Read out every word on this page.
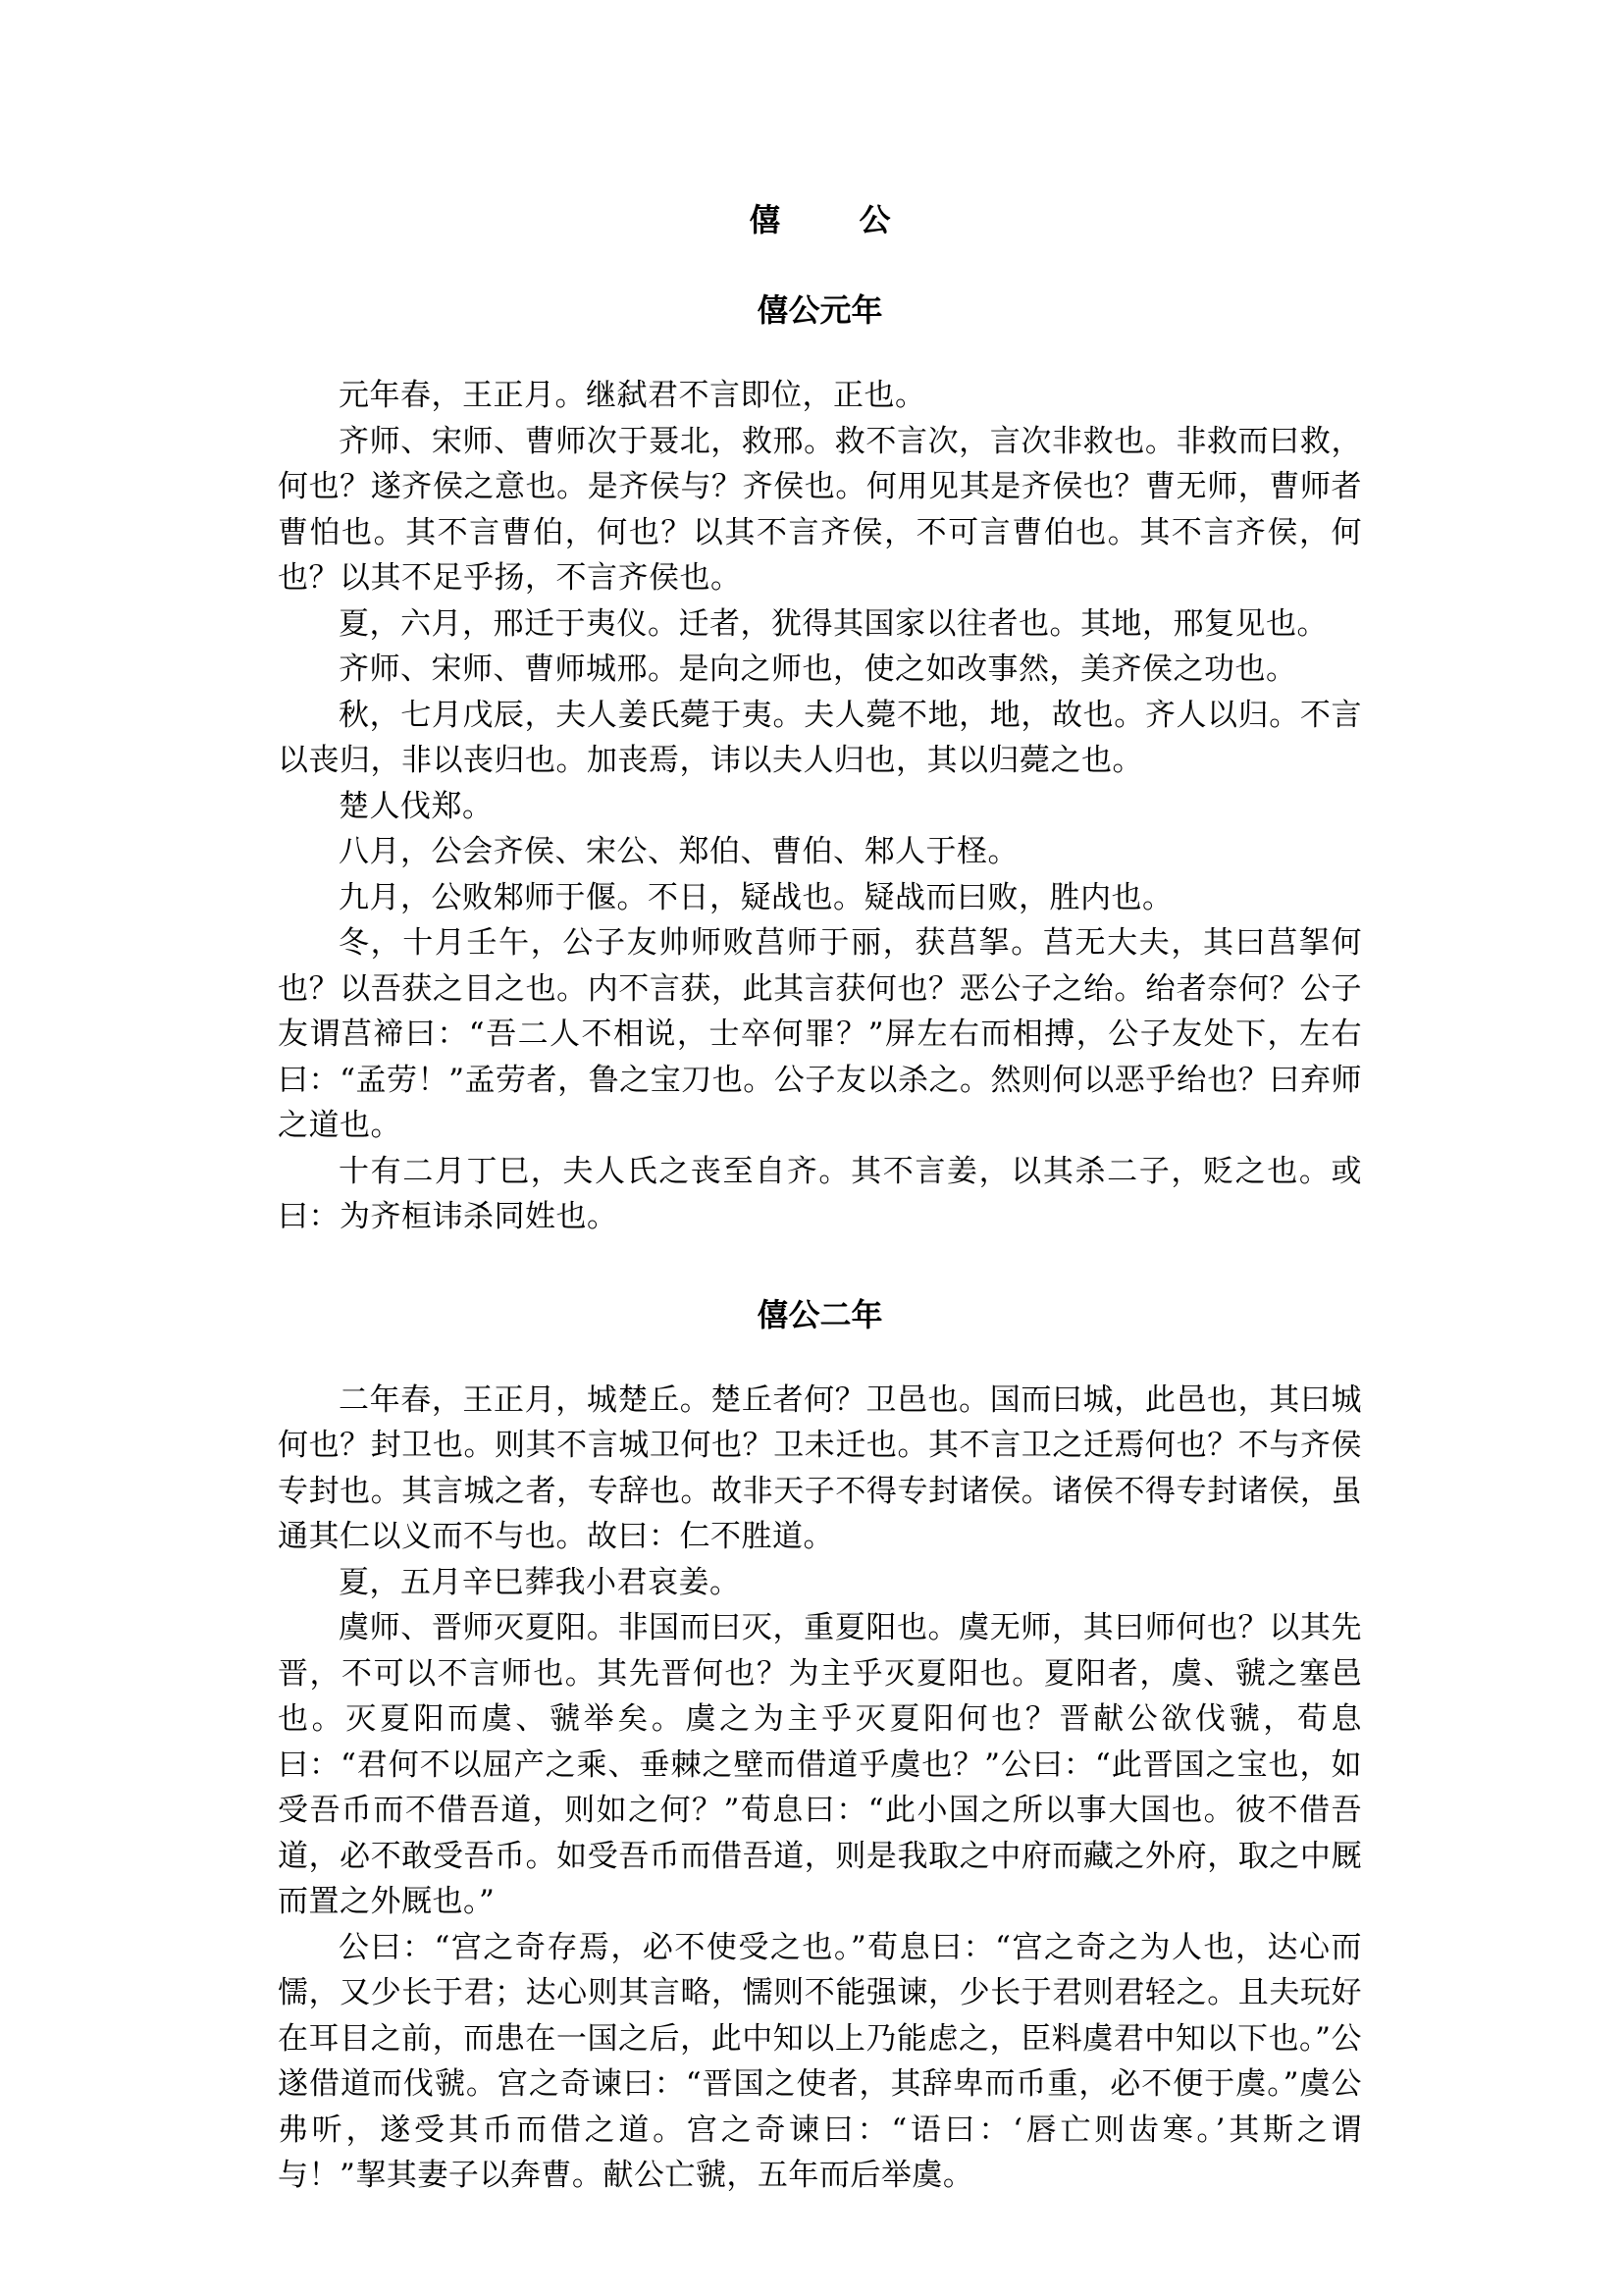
僖　公
僖公元年

元年春，王正月。继弑君不言即位，正也。

齐师、宋师、曹师次于聂北，救邢。救不言次，言次非救也。非救而曰救，何也？遂齐侯之意也。是齐侯与？齐侯也。何用见其是齐侯也？曹无师，曹师者曹怕也。其不言曹伯，何也？以其不言齐侯，不可言曹伯也。其不言齐侯，何也？以其不足乎扬，不言齐侯也。

夏，六月，邢迁于夷仪。迁者，犹得其国家以往者也。其地，邢复见也。

齐师、宋师、曹师城邢。是向之师也，使之如改事然，美齐侯之功也。

秋，七月戊辰，夫人姜氏薨于夷。夫人薨不地，地，故也。齐人以归。不言以丧归，非以丧归也。加丧焉，讳以夫人归也，其以归薨之也。

楚人伐郑。

八月，公会齐侯、宋公、郑伯、曹伯、邾人于柽。

九月，公败邾师于偃。不日，疑战也。疑战而曰败，胜内也。

冬，十月壬午，公子友帅师败莒师于丽，获莒挐。莒无大夫，其曰莒挐何也？以吾获之目之也。内不言获，此其言获何也？恶公子之绐。绐者奈何？公子友谓莒褅曰：“吾二人不相说，士卒何罪？”屏左右而相搏，公子友处下，左右曰：“孟劳！”孟劳者，鲁之宝刀也。公子友以杀之。然则何以恶乎绐也？曰弃师之道也。

十有二月丁巳，夫人氏之丧至自齐。其不言姜，以其杀二子，贬之也。或曰：为齐桓讳杀同姓也。

僖公二年

二年春，王正月，城楚丘。楚丘者何？卫邑也。国而曰城，此邑也，其曰城何也？封卫也。则其不言城卫何也？卫未迁也。其不言卫之迁焉何也？不与齐侯专封也。其言城之者，专辞也。故非天子不得专封诸侯。诸侯不得专封诸侯，虽通其仁以义而不与也。故曰：仁不胜道。

夏，五月辛巳葬我小君哀姜。

虞师、晋师灭夏阳。非国而曰灭，重夏阳也。虞无师，其曰师何也？以其先晋，不可以不言师也。其先晋何也？为主乎灭夏阳也。夏阳者，虞、虢之塞邑也。灭夏阳而虞、虢举矣。虞之为主乎灭夏阳何也？晋献公欲伐虢，荀息曰：“君何不以屈产之乘、垂棘之壁而借道乎虞也？”公曰：“此晋国之宝也，如受吾币而不借吾道，则如之何？”荀息曰：“此小国之所以事大国也。彼不借吾道，必不敢受吾币。如受吾币而借吾道，则是我取之中府而藏之外府，取之中厩而置之外厩也。”

公曰：“宫之奇存焉，必不使受之也。”荀息曰：“宫之奇之为人也，达心而懦，又少长于君；达心则其言略，懦则不能强谏，少长于君则君轻之。且夫玩好在耳目之前，而患在一国之后，此中知以上乃能虑之，臣料虞君中知以下也。”公遂借道而伐虢。宫之奇谏曰：“晋国之使者，其辞卑而币重，必不便于虞。”虞公弗听，遂受其币而借之道。宫之奇谏曰：“语曰：‘唇亡则齿寒。’其斯之谓与！”挈其妻子以奔曹。献公亡虢，五年而后举虞。
